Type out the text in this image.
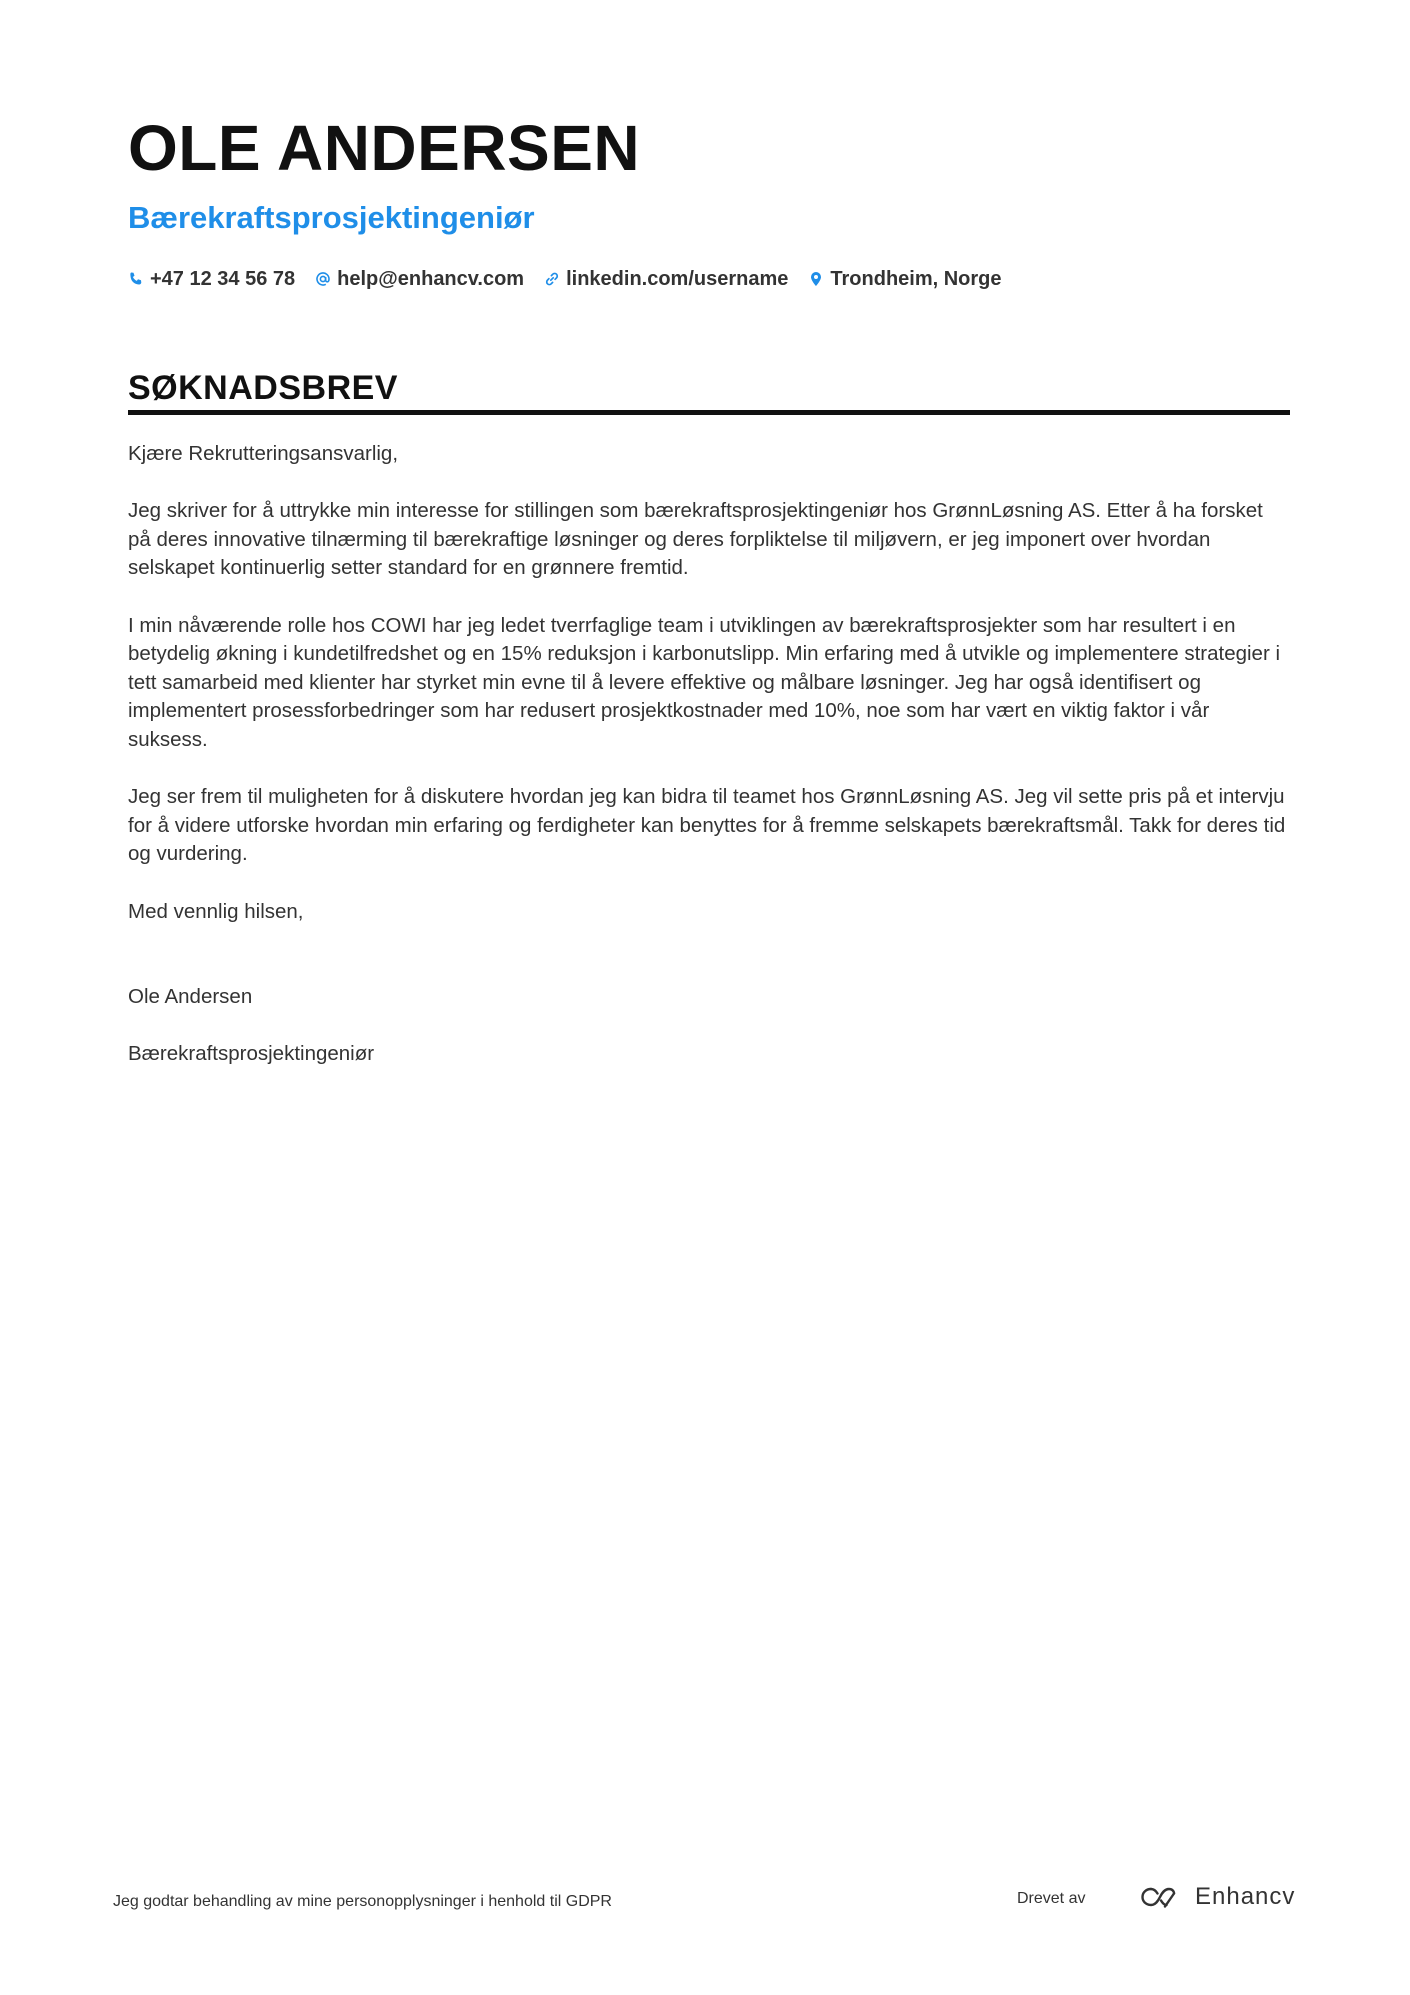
OLE ANDERSEN
Bærekraftsprosjektingeniør
+47 12 34 56 78 help@enhancv.com linkedin.com/username Trondheim, Norge
SØKNADSBREV

Kjære Rekrutteringsansvarlig,

Jeg skriver for å uttrykke min interesse for stillingen som bærekraftsprosjektingeniør hos GrønnLøsning AS. Etter å ha forsket på deres innovative tilnærming til bærekraftige løsninger og deres forpliktelse til miljøvern, er jeg imponert over hvordan selskapet kontinuerlig setter standard for en grønnere fremtid.

I min nåværende rolle hos COWI har jeg ledet tverrfaglige team i utviklingen av bærekraftsprosjekter som har resultert i en betydelig økning i kundetilfredshet og en 15% reduksjon i karbonutslipp. Min erfaring med å utvikle og implementere strategier i tett samarbeid med klienter har styrket min evne til å levere effektive og målbare løsninger. Jeg har også identifisert og implementert prosessforbedringer som har redusert prosjektkostnader med 10%, noe som har vært en viktig faktor i vår suksess.

Jeg ser frem til muligheten for å diskutere hvordan jeg kan bidra til teamet hos GrønnLøsning AS. Jeg vil sette pris på et intervju for å videre utforske hvordan min erfaring og ferdigheter kan benyttes for å fremme selskapets bærekraftsmål. Takk for deres tid og vurdering.

Med vennlig hilsen,

Ole Andersen

Bærekraftsprosjektingeniør

Jeg godtar behandling av mine personopplysninger i henhold til GDPR	Drevet av	Enhancv
